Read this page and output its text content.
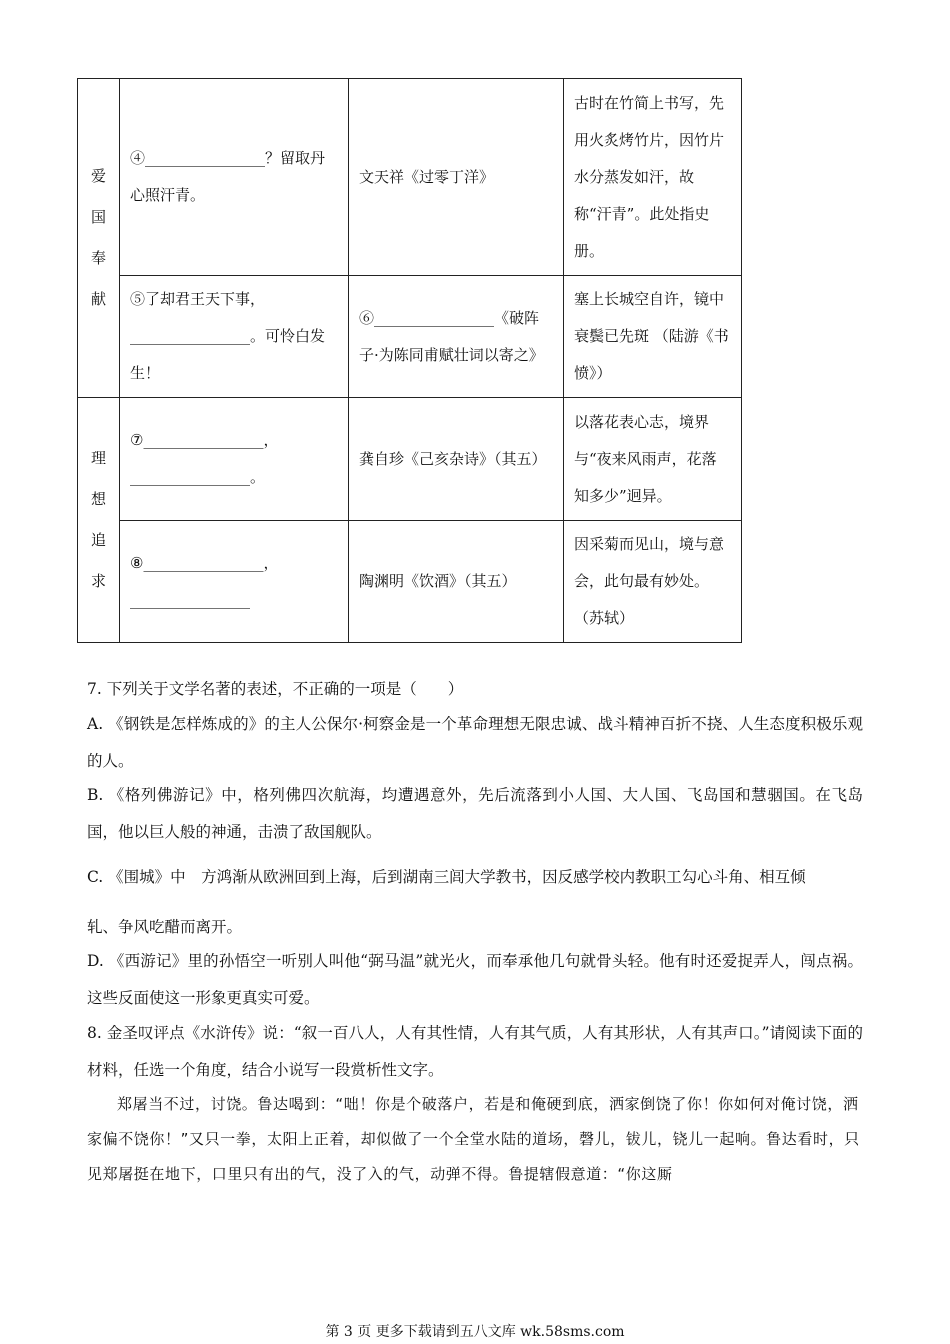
爱
国
奉
献	④________________？留取丹心照汗青。	文天祥《过零丁洋》	古时在竹简上书写，先用火炙烤竹片，因竹片水分蒸发如汗，故称“汗青”。此处指史册。
	⑤了却君王天下事，________________。可怜白发生！	⑥________________《破阵子·为陈同甫赋壮词以寄之》	塞上长城空自许，镜中衰鬓已先斑 （陆游《书愤》）

理
想
追
求	⑦________________，________________。	龚自珍《己亥杂诗》（其五）	以落花表心志，境界与“夜来风雨声，花落知多少”迥异。
	⑧________________，________________	陶渊明《饮酒》（其五）	因采菊而见山，境与意会，此句最有妙处。（苏轼）
7. 下列关于文学名著的表述，不正确的一项是（　　）
A. 《钢铁是怎样炼成的》的主人公保尔·柯察金是一个革命理想无限忠诚、战斗精神百折不挠、人生态度积极乐观的人。
B. 《格列佛游记》中，格列佛四次航海，均遭遇意外，先后流落到小人国、大人国、飞岛国和慧骃国。在飞岛国，他以巨人般的神通，击溃了敌国舰队。
C. 《围城》中　方鸿渐从欧洲回到上海，后到湖南三闾大学教书，因反感学校内教职工勾心斗角、相互倾
轧、争风吃醋而离开。
D. 《西游记》里的孙悟空一听别人叫他“弼马温”就光火，而奉承他几句就骨头轻。他有时还爱捉弄人，闯点祸。这些反面使这一形象更真实可爱。
8. 金圣叹评点《水浒传》说：“叙一百八人，人有其性情，人有其气质，人有其形状，人有其声口。”请阅读下面的材料，任选一个角度，结合小说写一段赏析性文字。
郑屠当不过，讨饶。鲁达喝到：“咄！你是个破落户，若是和俺硬到底，洒家倒饶了你！你如何对俺讨饶，洒家偏不饶你！”又只一拳，太阳上正着，却似做了一个全堂水陆的道场，磬儿，钹儿，铙儿一起响。鲁达看时，只见郑屠挺在地下，口里只有出的气，没了入的气，动弹不得。鲁提辖假意道：“你这厮
第 3 页 更多下载请到五八文库 wk.58sms.com
